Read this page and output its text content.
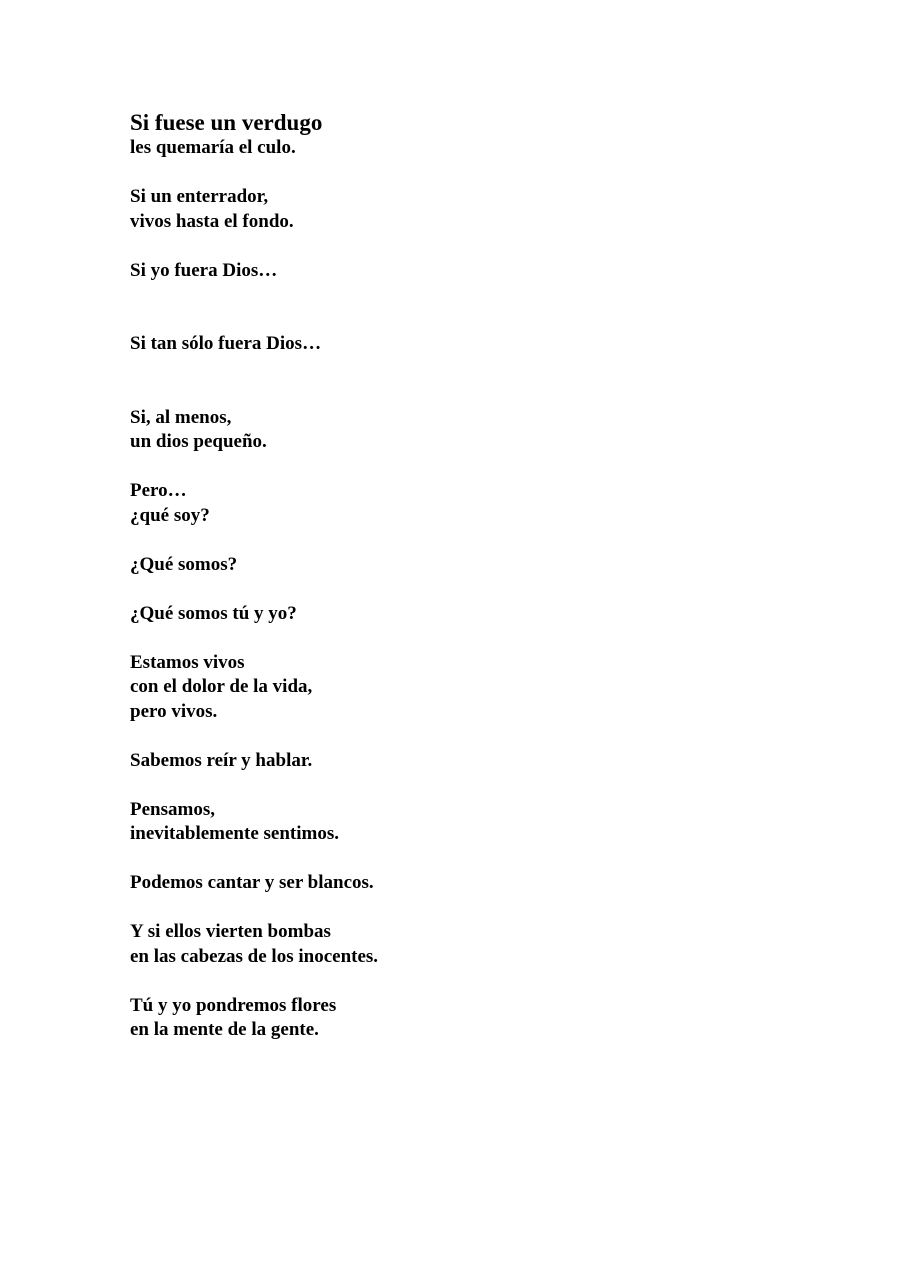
Si fuese un verdugo
les quemaría el culo.
Si un enterrador,
vivos hasta el fondo.
Si yo fuera Dios…
Si tan sólo fuera Dios…
Si, al menos,
un dios pequeño.
Pero…
¿qué soy?
¿Qué somos?
¿Qué somos tú y yo?
Estamos vivos
con el dolor de la vida,
pero vivos.
Sabemos reír y hablar.
Pensamos,
inevitablemente sentimos.
Podemos cantar y ser blancos.
Y si ellos vierten bombas
en las cabezas de los inocentes.
Tú y yo pondremos flores
en la mente de la gente.
